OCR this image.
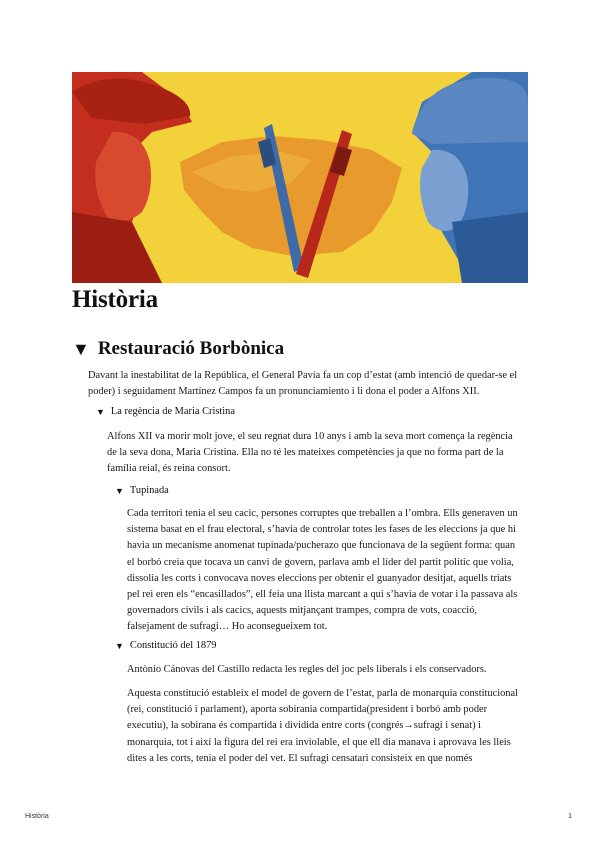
Història
▼ Restauració Borbònica
Davant la inestabilitat de la República, el General Pavía fa un cop d’estat (amb intenció de quedar-se el poder) i seguidament Martínez Campos fa un pronunciamiento i li dona el poder a Alfons XII.
▼ La regència de Maria Cristina
Alfons XII va morir molt jove, el seu regnat dura 10 anys i amb la seva mort comença la regència de la seva dona, Maria Cristina. Ella no té les mateixes competències ja que no forma part de la família reial, és reina consort.
▼ Tupinada
Cada territori tenia el seu cacic, persones corruptes que treballen a l’ombra. Ells generaven un sistema basat en el frau electoral, s’havia de controlar totes les fases de les eleccions ja que hi havia un mecanisme anomenat tupinada/pucherazo que funcionava de la següent forma: quan el borbó creia que tocava un canvi de govern, parlava amb el líder del partit polític que volia, dissolia les corts i convocava noves eleccions per obtenir el guanyador desitjat, aquells triats pel rei eren els “encasillados”, ell feia una llista marcant a qui s’havia de votar i la passava als governadors civils i als cacics, aquests mitjançant trampes, compra de vots, coacció, falsejament de sufragi… Ho aconsegueixem tot.
▼ Constitució del 1879
Antònio Cánovas del Castillo redacta les regles del joc pels liberals i els conservadors.
Aquesta constitució estableix el model de govern de l’estat, parla de monarquia constitucional (rei, constitució i parlament), aporta sobirania compartida(president i borbó amb poder executiu), la sobirana és compartida i dividida entre corts (congrés→sufragi i senat) i monarquia, tot i així la figura del rei era inviolable, el que ell dia manava i aprovava les lleis dites a les corts, tenia el poder del vet. El sufragi censatari consisteix en que només
Història	1
